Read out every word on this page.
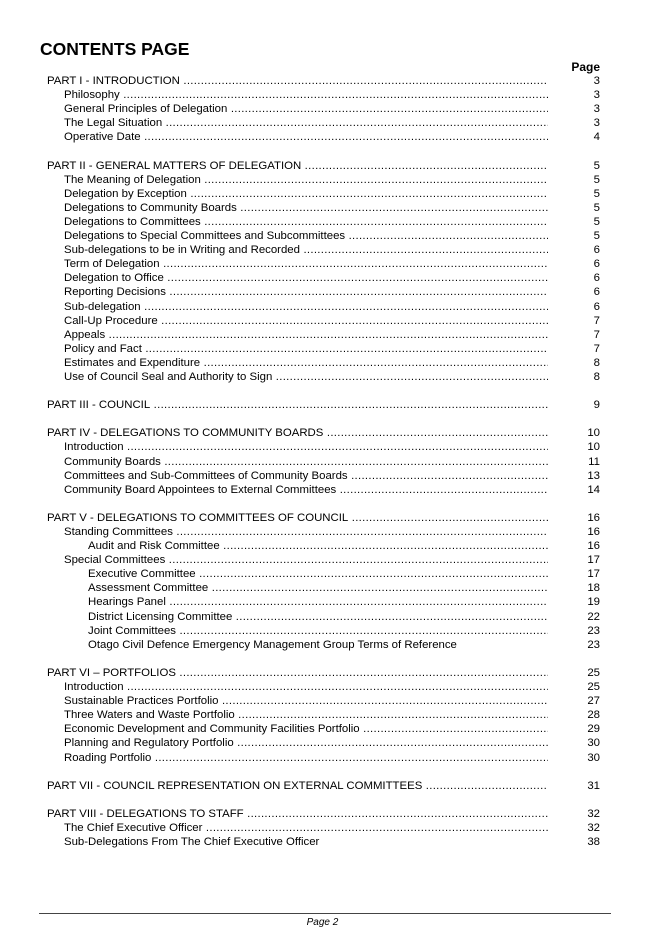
CONTENTS PAGE
Page
PART I - INTRODUCTION .....	3
Philosophy .....	3
General Principles of Delegation .....	3
The Legal Situation .....	3
Operative Date .....	4
PART II - GENERAL MATTERS OF DELEGATION .....	5
The Meaning of Delegation .....	5
Delegation by Exception .....	5
Delegations to Community Boards .....	5
Delegations to Committees .....	5
Delegations to Special Committees and Subcommittees .....	5
Sub-delegations to be in Writing and Recorded .....	6
Term of Delegation .....	6
Delegation to Office .....	6
Reporting Decisions .....	6
Sub-delegation .....	6
Call-Up Procedure .....	7
Appeals .....	7
Policy and Fact .....	7
Estimates and Expenditure .....	8
Use of Council Seal and Authority to Sign .....	8
PART III - COUNCIL .....	9
PART IV - DELEGATIONS TO COMMUNITY BOARDS .....	10
Introduction .....	10
Community Boards .....	11
Committees and Sub-Committees of Community Boards .....	13
Community Board Appointees to External Committees .....	14
PART V - DELEGATIONS TO COMMITTEES OF COUNCIL .....	16
Standing Committees .....	16
Audit and Risk Committee .....	16
Special Committees .....	17
Executive Committee .....	17
Assessment Committee .....	18
Hearings Panel .....	19
District Licensing Committee .....	22
Joint Committees .....	23
Otago Civil Defence Emergency Management Group Terms of Reference	23
PART VI – PORTFOLIOS .....	25
Introduction .....	25
Sustainable Practices Portfolio .....	27
Three Waters and Waste Portfolio .....	28
Economic Development and Community Facilities Portfolio .....	29
Planning and Regulatory Portfolio .....	30
Roading Portfolio .....	30
PART VII - COUNCIL REPRESENTATION ON EXTERNAL COMMITTEES .....	31
PART VIII - DELEGATIONS TO STAFF .....	32
The Chief Executive Officer .....	32
Sub-Delegations From The Chief Executive Officer	38
Page 2
